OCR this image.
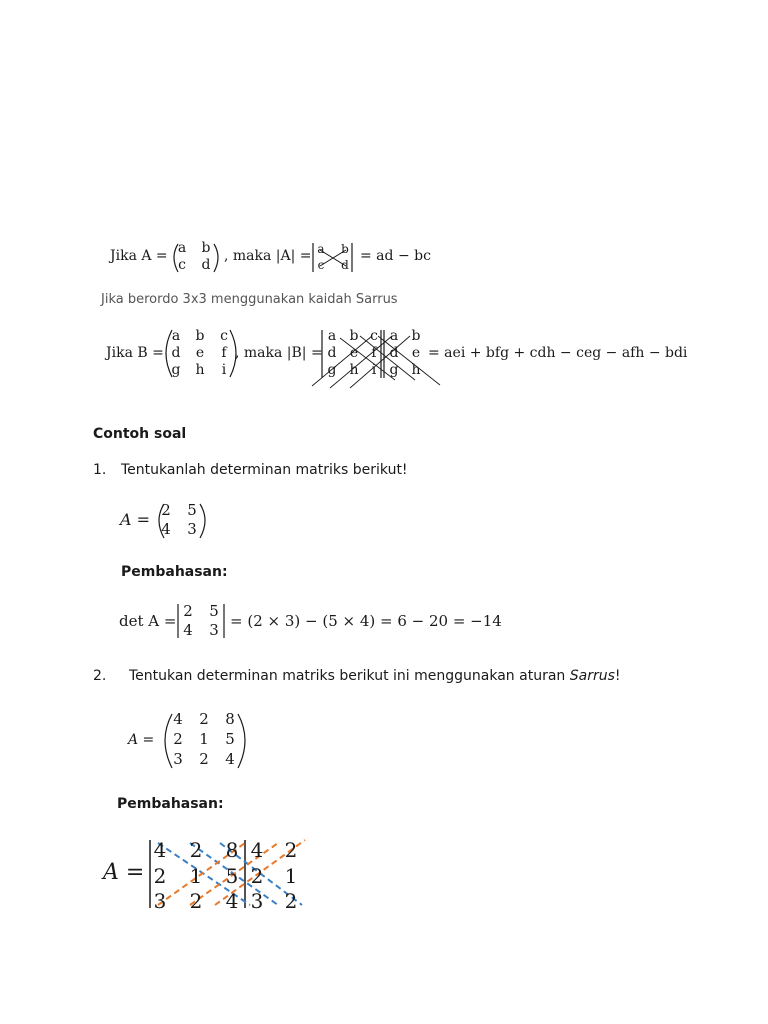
Jika A = a b
c d
, maka |A| = a	b
c	d
= ad − bc
Jika berordo 3x3 menggunakan kaidah Sarrus
Jika B =
a b c
d e	f
g h	i
, maka |B| =
a b c a b
d e f d e
g h i g h
= aei + bfg + cdh − ceg − afh − bdi
Contoh soal
1. Tentukanlah determinan matriks berikut!
A = 2 5
4 3
Pembahasan:
det A =
2 5
4 3 = (2 × 3) − (5 × 4) = 6 − 20 = −14
2. Tentukan determinan matriks berikut ini menggunakan aturan Sarrus!
A =
4 2 8
2 1 5
3 2 4
Pembahasan:
A =
4 2 8 4 2
2 1 5 2 1
3 2 4 3 2
